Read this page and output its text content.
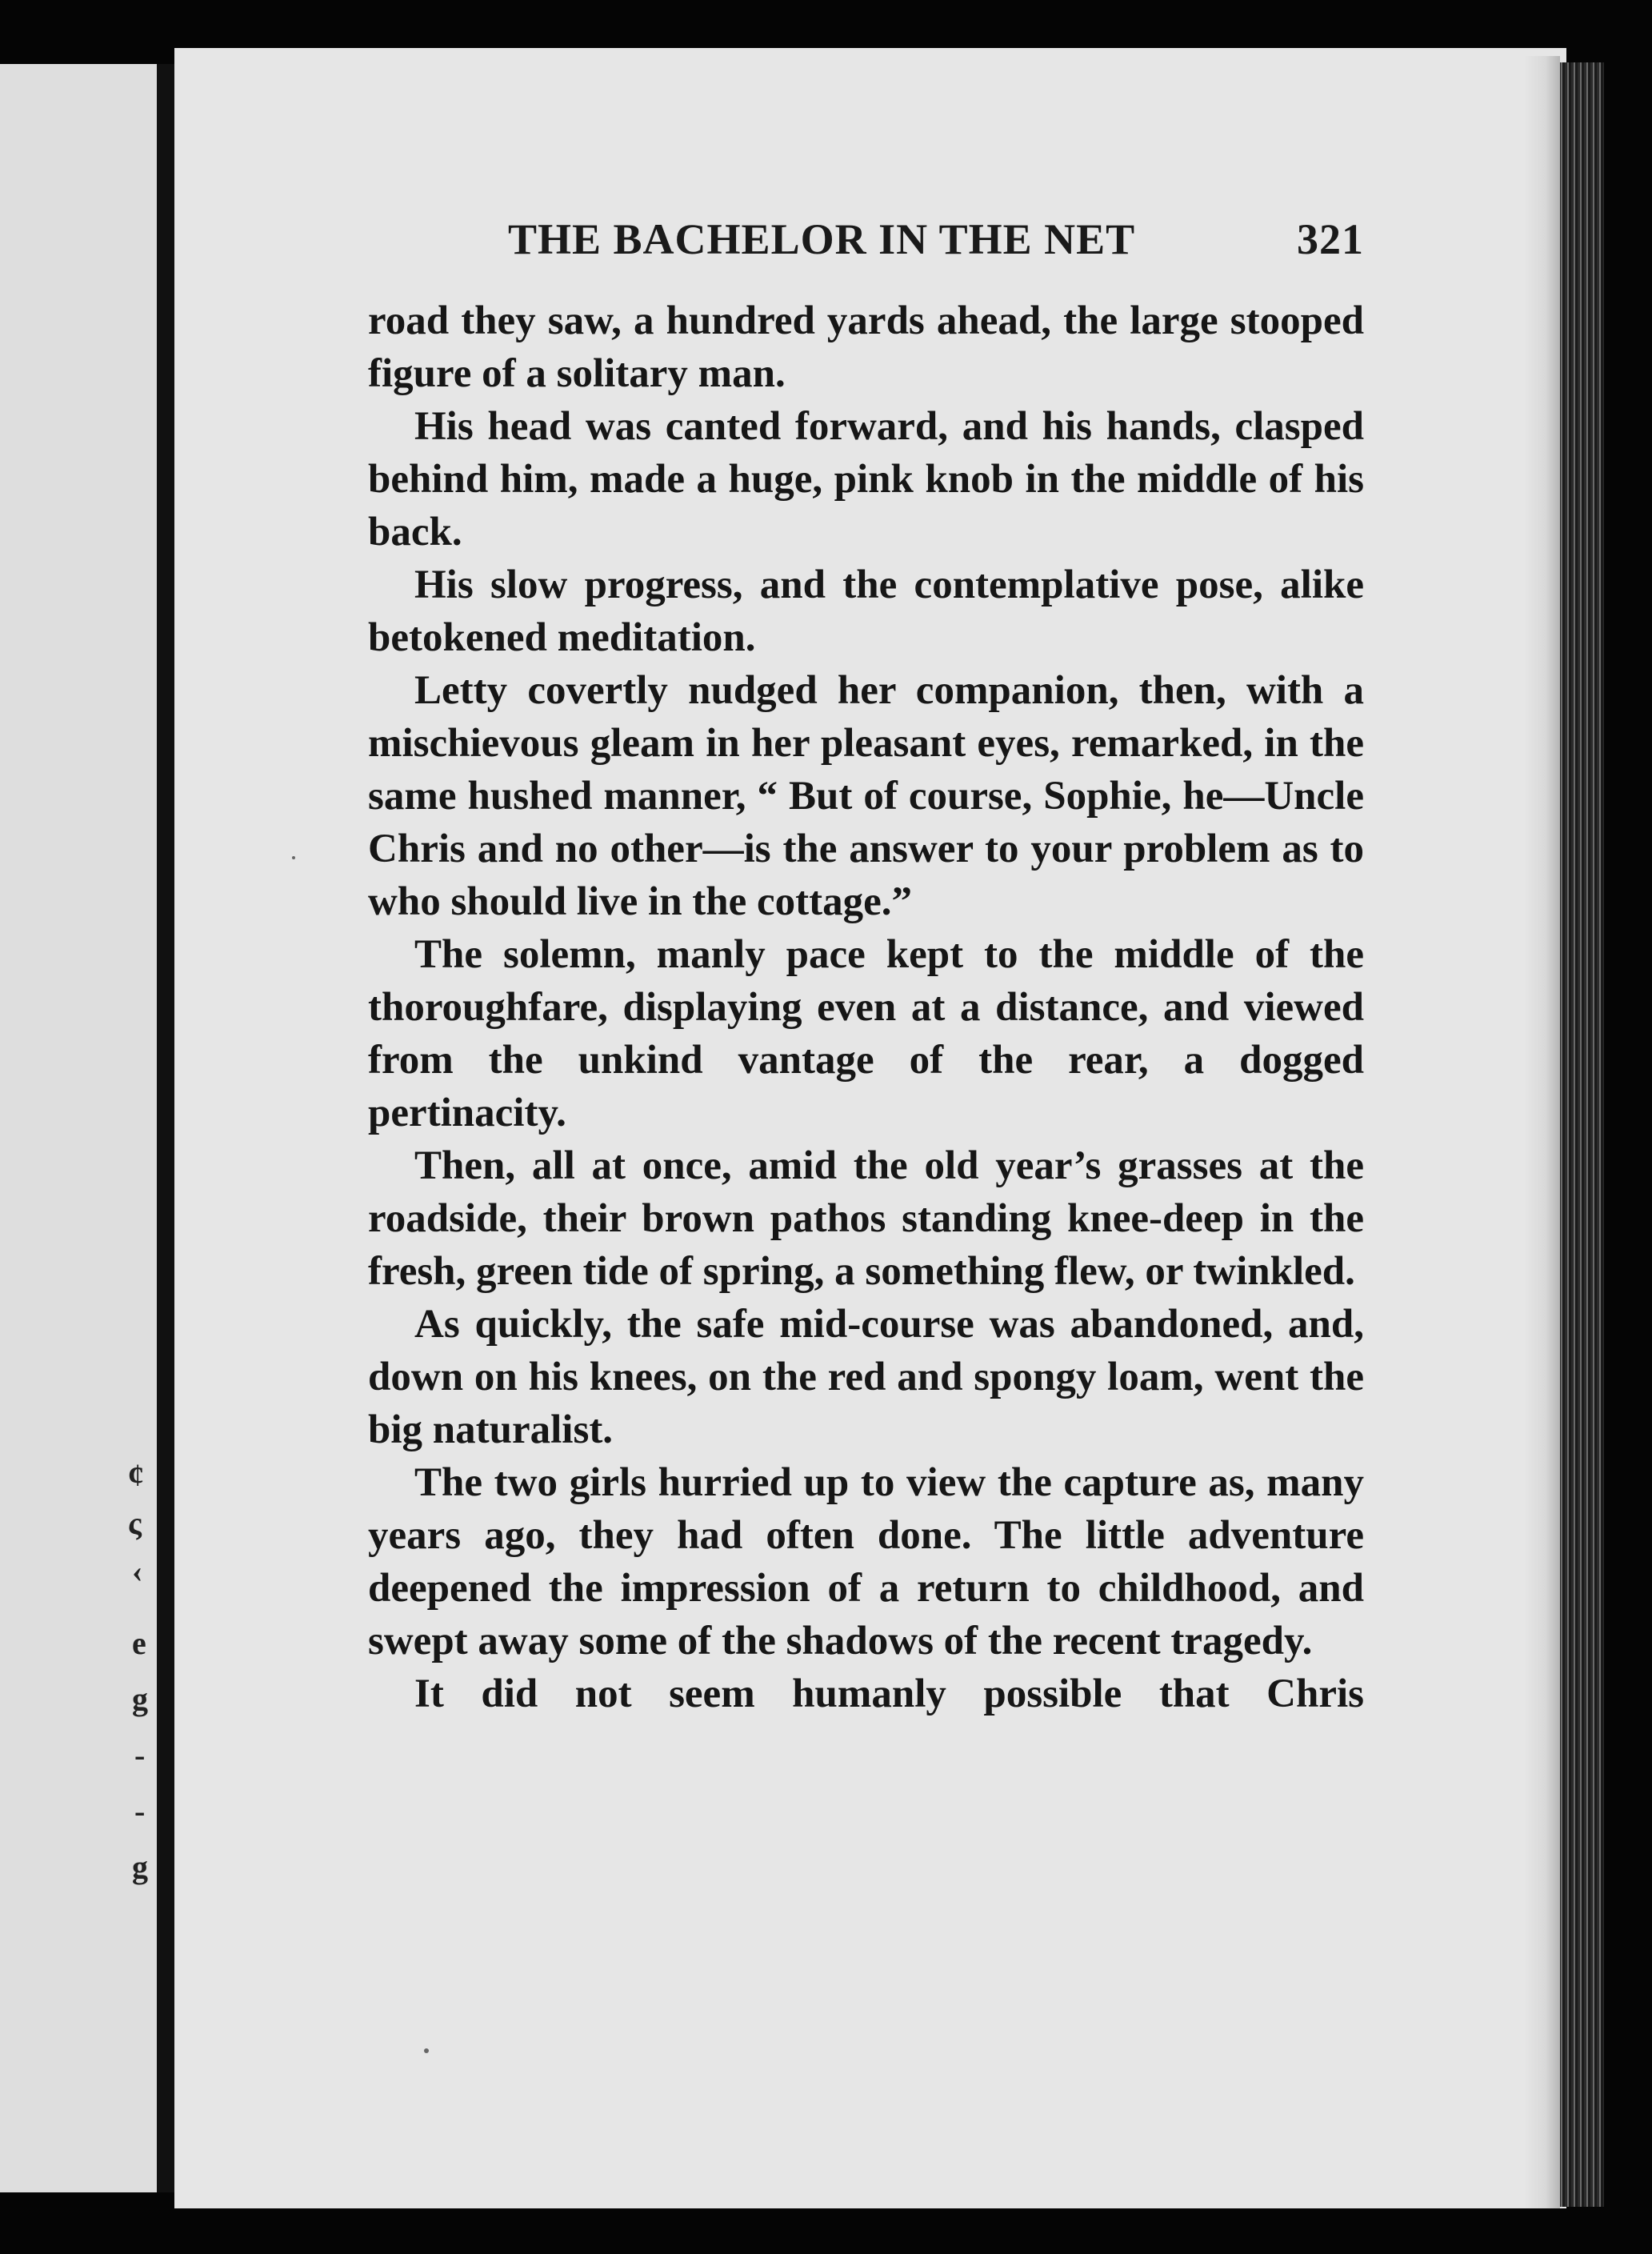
¢
ς
‹
e
g
-
-
g
THE BACHELOR IN THE NET	321

road they saw, a hundred yards ahead, the large stooped figure of a solitary man.

His head was canted forward, and his hands, clasped behind him, made a huge, pink knob in the middle of his back.

His slow progress, and the contemplative pose, alike betokened meditation.

Letty covertly nudged her companion, then, with a mischievous gleam in her pleasant eyes, remarked, in the same hushed manner, “ But of course, Sophie, he—Uncle Chris and no other—is the answer to your problem as to who should live in the cottage.”

The solemn, manly pace kept to the middle of the thoroughfare, displaying even at a distance, and viewed from the unkind vantage of the rear, a dogged pertinacity.

Then, all at once, amid the old year’s grasses at the roadside, their brown pathos standing knee-deep in the fresh, green tide of spring, a something flew, or twinkled.

As quickly, the safe mid-course was abandoned, and, down on his knees, on the red and spongy loam, went the big naturalist.

The two girls hurried up to view the capture as, many years ago, they had often done. The little adventure deepened the impression of a return to childhood, and swept away some of the shadows of the recent tragedy.

It did not seem humanly possible that Chris
